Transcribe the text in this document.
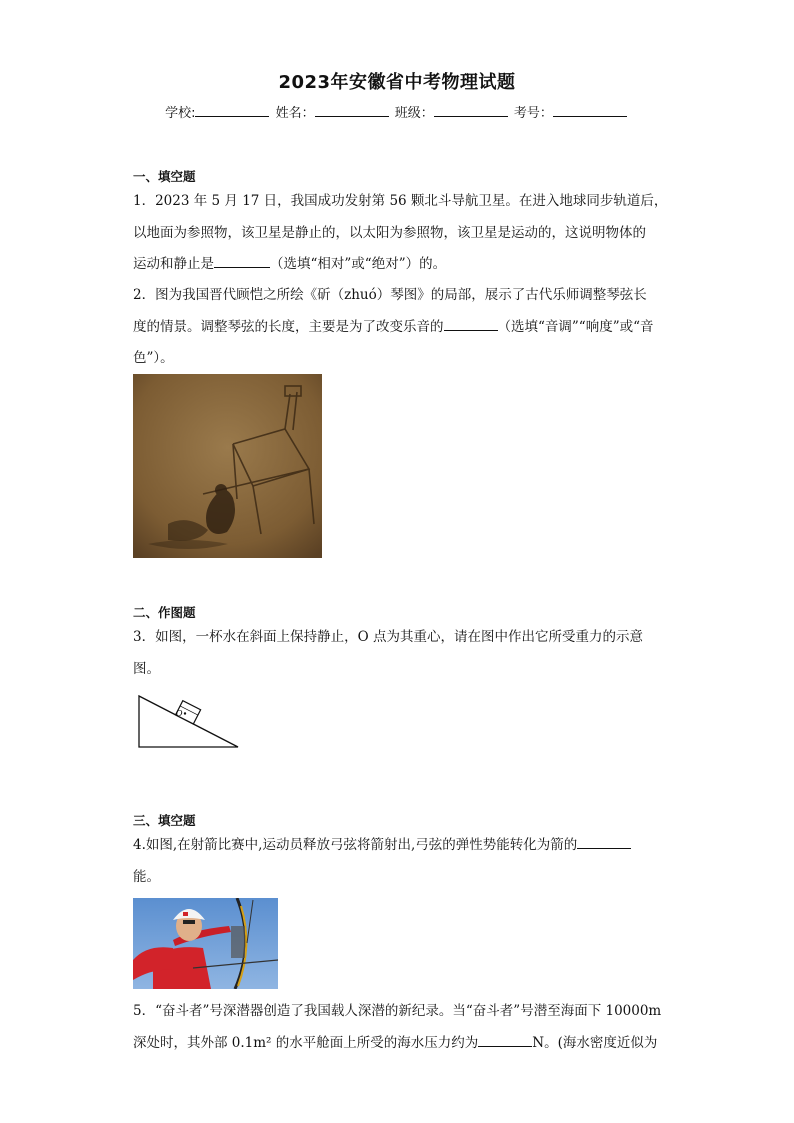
2023年安徽省中考物理试题
学校:	姓名：	班级：	考号：
一、填空题
1．2023 年 5 月 17 日，我国成功发射第 56 颗北斗导航卫星。在进入地球同步轨道后，
以地面为参照物，该卫星是静止的，以太阳为参照物，该卫星是运动的，这说明物体的
运动和静止是	（选填“相对”或“绝对”）的。
2．图为我国晋代顾恺之所绘《斫（zhuó）琴图》的局部，展示了古代乐师调整琴弦长
度的情景。调整琴弦的长度，主要是为了改变乐音的	（选填“音调”“响度”或“音
色”）。
二、作图题
3．如图，一杯水在斜面上保持静止，O 点为其重心，请在图中作出它所受重力的示意
图。
O
三、填空题
4.如图,在射箭比赛中,运动员释放弓弦将箭射出,弓弦的弹性势能转化为箭的
能。
5．“奋斗者”号深潜器创造了我国载人深潜的新纪录。当“奋斗者”号潜至海面下 10000m
深处时，其外部 0.1m² 的水平舱面上所受的海水压力约为	N。(海水密度近似为
